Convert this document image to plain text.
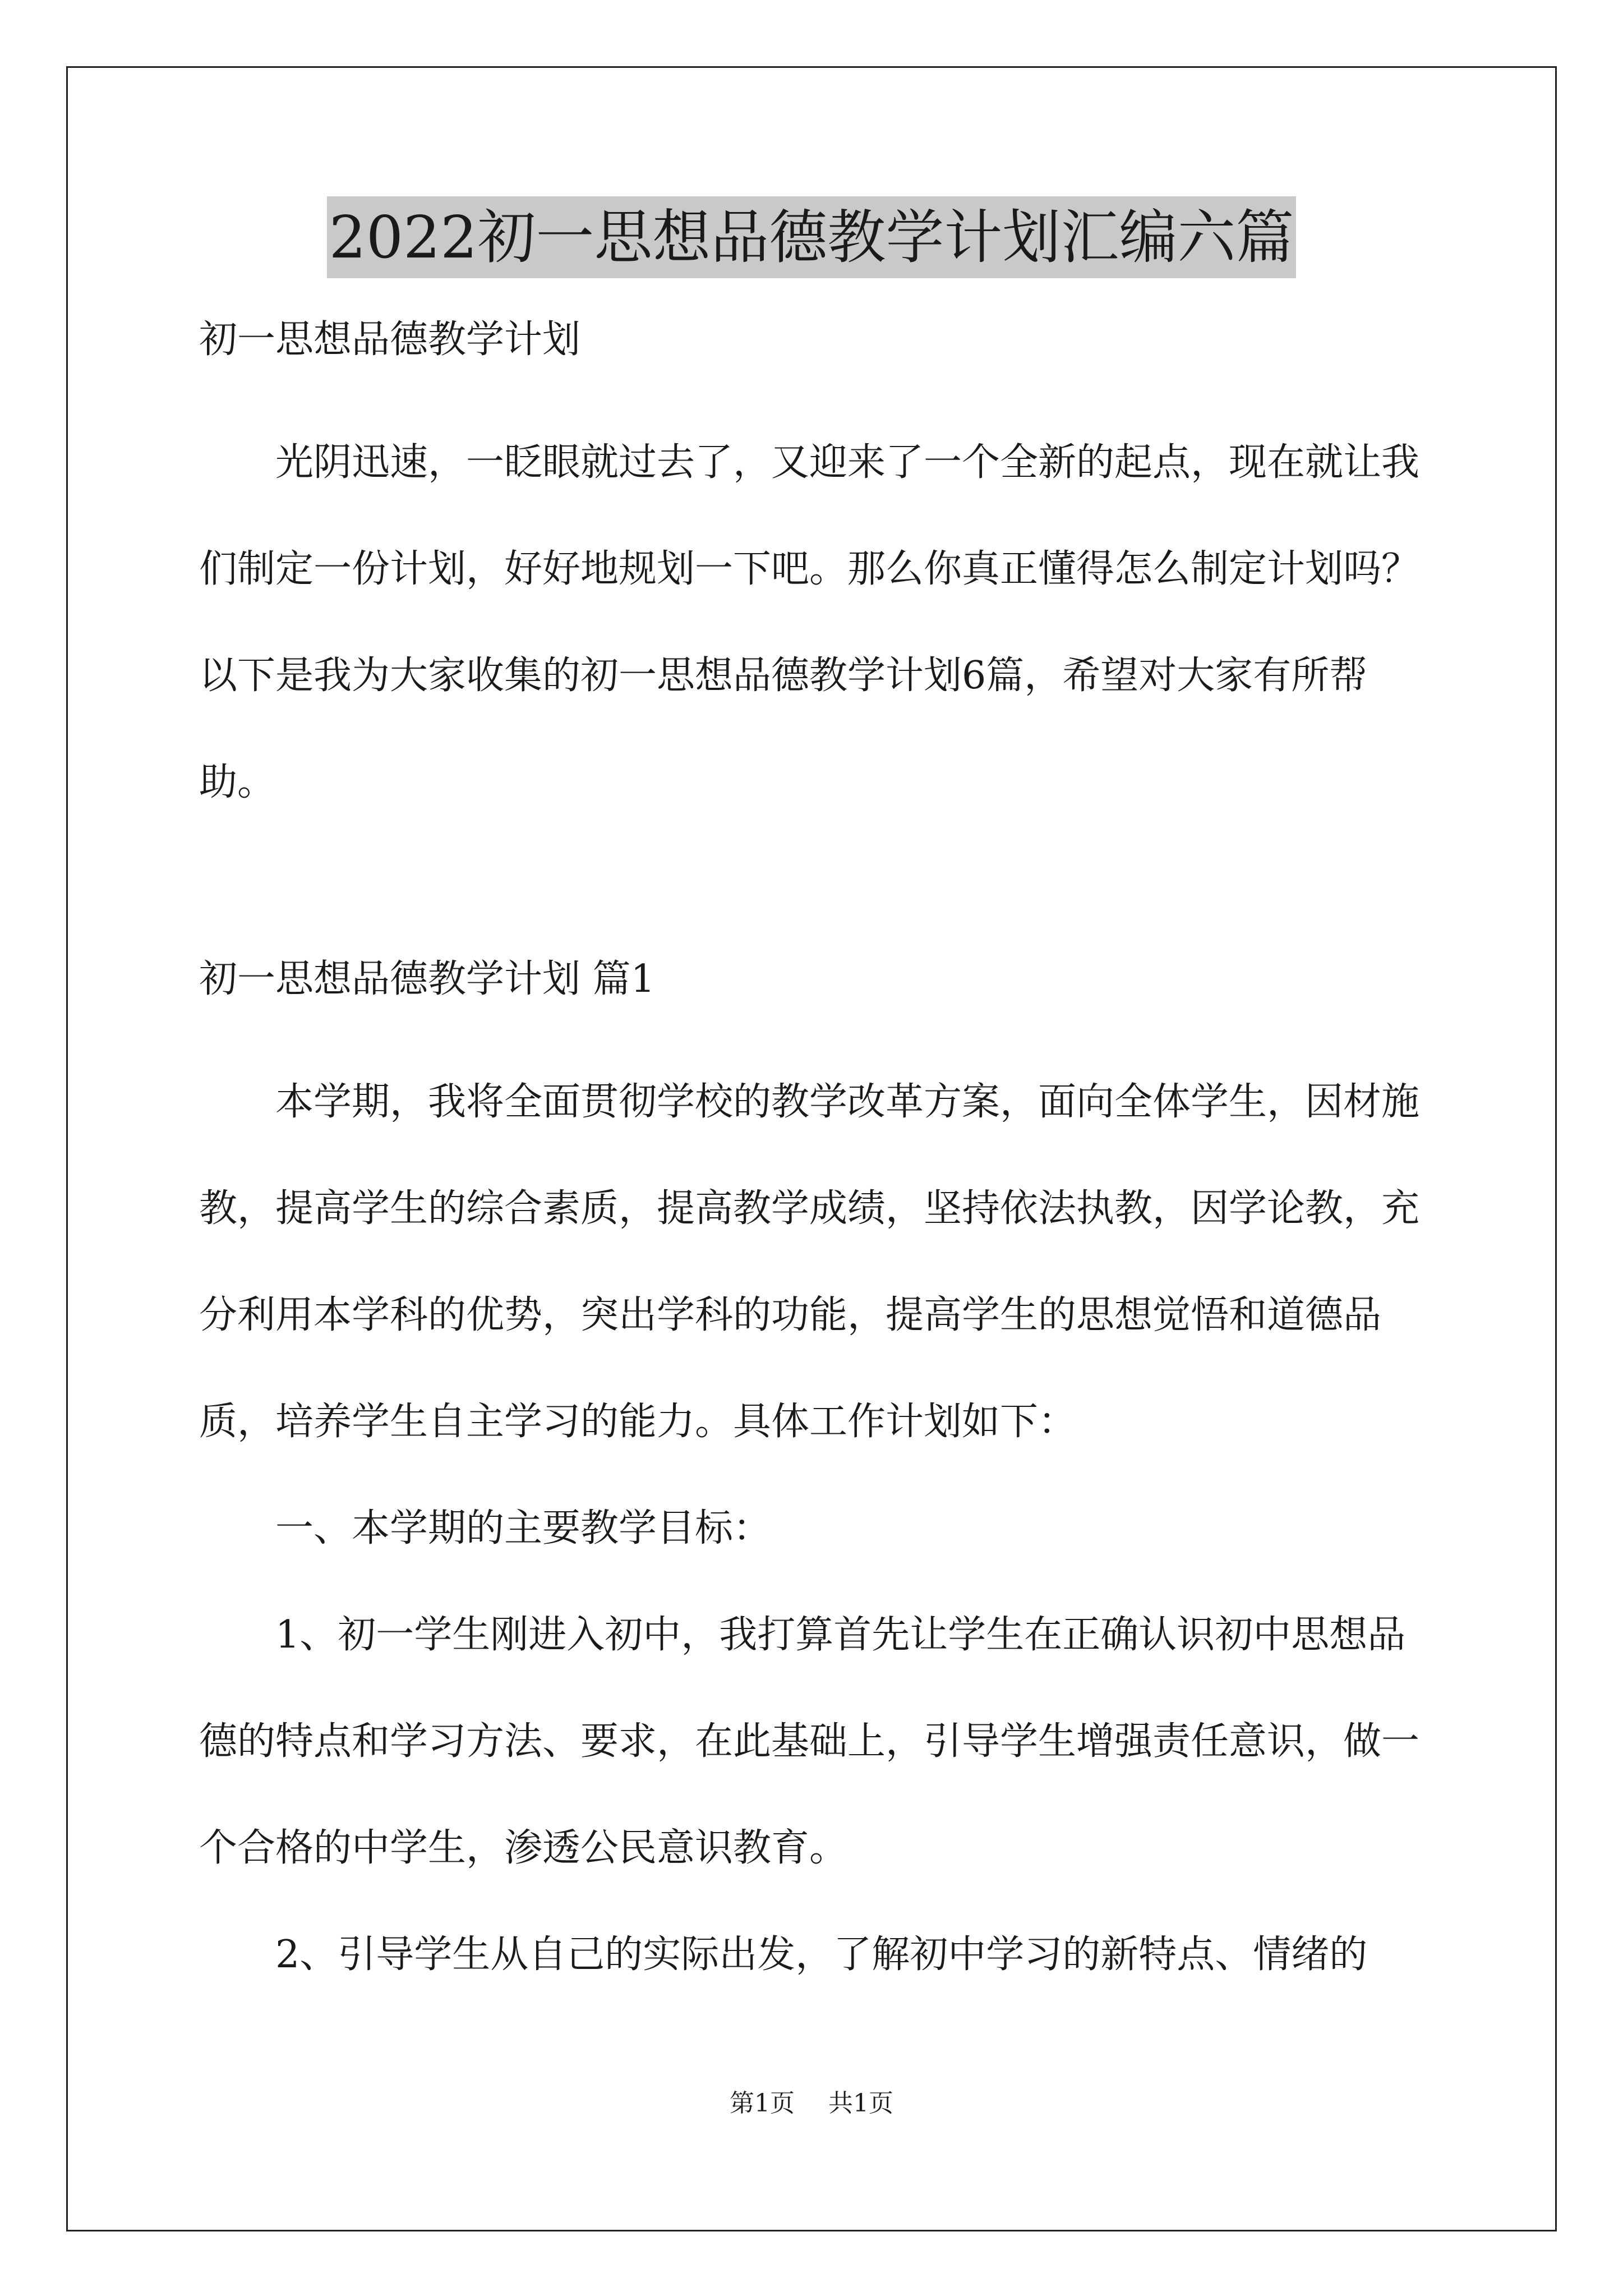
2022初一思想品德教学计划汇编六篇

初一思想品德教学计划

光阴迅速，一眨眼就过去了，又迎来了一个全新的起点，现在就让我们制定一份计划，好好地规划一下吧。那么你真正懂得怎么制定计划吗？以下是我为大家收集的初一思想品德教学计划6篇，希望对大家有所帮助。

初一思想品德教学计划 篇1

本学期，我将全面贯彻学校的教学改革方案，面向全体学生，因材施教，提高学生的综合素质，提高教学成绩，坚持依法执教，因学论教，充分利用本学科的优势，突出学科的功能，提高学生的思想觉悟和道德品质，培养学生自主学习的能力。具体工作计划如下：

一、本学期的主要教学目标：

1、初一学生刚进入初中，我打算首先让学生在正确认识初中思想品德的特点和学习方法、要求，在此基础上，引导学生增强责任意识，做一个合格的中学生，渗透公民意识教育。

2、引导学生从自己的实际出发，了解初中学习的新特点、情绪的

第1页 共1页
